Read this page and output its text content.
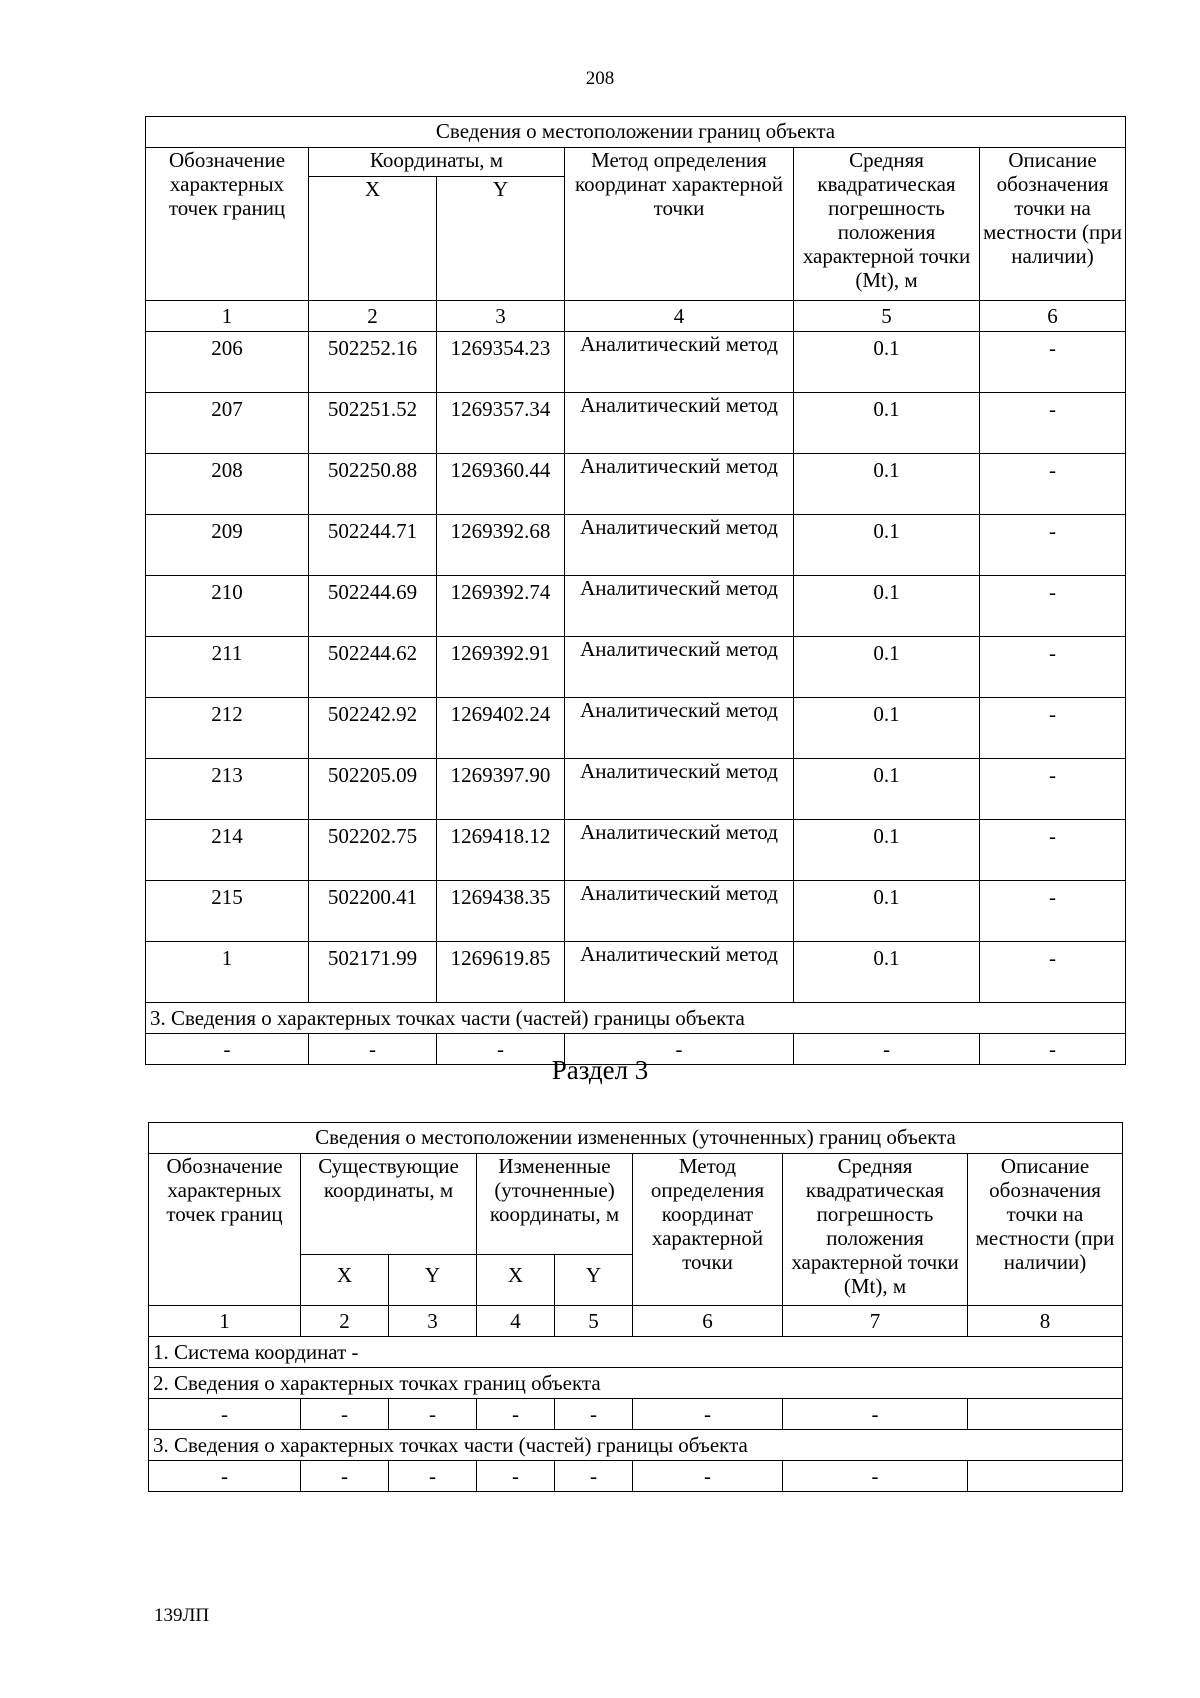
208
Сведения о местоположении границ объекта					
Обозначение характерных точек границ	Координаты, м		Метод определения координат характерной точки	Средняя квадратическая погрешность положения характерной точки (Mt), м	Описание обозначения точки на местности (при наличии)
	X	Y			
1	2	3	4	5	6
206	502252.16	1269354.23	Аналитический метод	0.1	-
207	502251.52	1269357.34	Аналитический метод	0.1	-
208	502250.88	1269360.44	Аналитический метод	0.1	-
209	502244.71	1269392.68	Аналитический метод	0.1	-
210	502244.69	1269392.74	Аналитический метод	0.1	-
211	502244.62	1269392.91	Аналитический метод	0.1	-
212	502242.92	1269402.24	Аналитический метод	0.1	-
213	502205.09	1269397.90	Аналитический метод	0.1	-
214	502202.75	1269418.12	Аналитический метод	0.1	-
215	502200.41	1269438.35	Аналитический метод	0.1	-
1	502171.99	1269619.85	Аналитический метод	0.1	-
3. Сведения о характерных точках части (частей) границы объекта					
-	-	-	-	-	-
Раздел 3
Сведения о местоположении измененных (уточненных) границ объекта							
Обозначение характерных точек границ	Существующие координаты, м		Измененные (уточненные) координаты, м		Метод определения координат характерной точки	Средняя квадратическая погрешность положения характерной точки (Mt), м	Описание обозначения точки на местности (при наличии)
	X	Y	X	Y			
1	2	3	4	5	6	7	8
1. Система координат -							
2. Сведения о характерных точках границ объекта							
-	-	-	-	-	-	-	
3. Сведения о характерных точках части (частей) границы объекта							
-	-	-	-	-	-	-	
139ЛП
